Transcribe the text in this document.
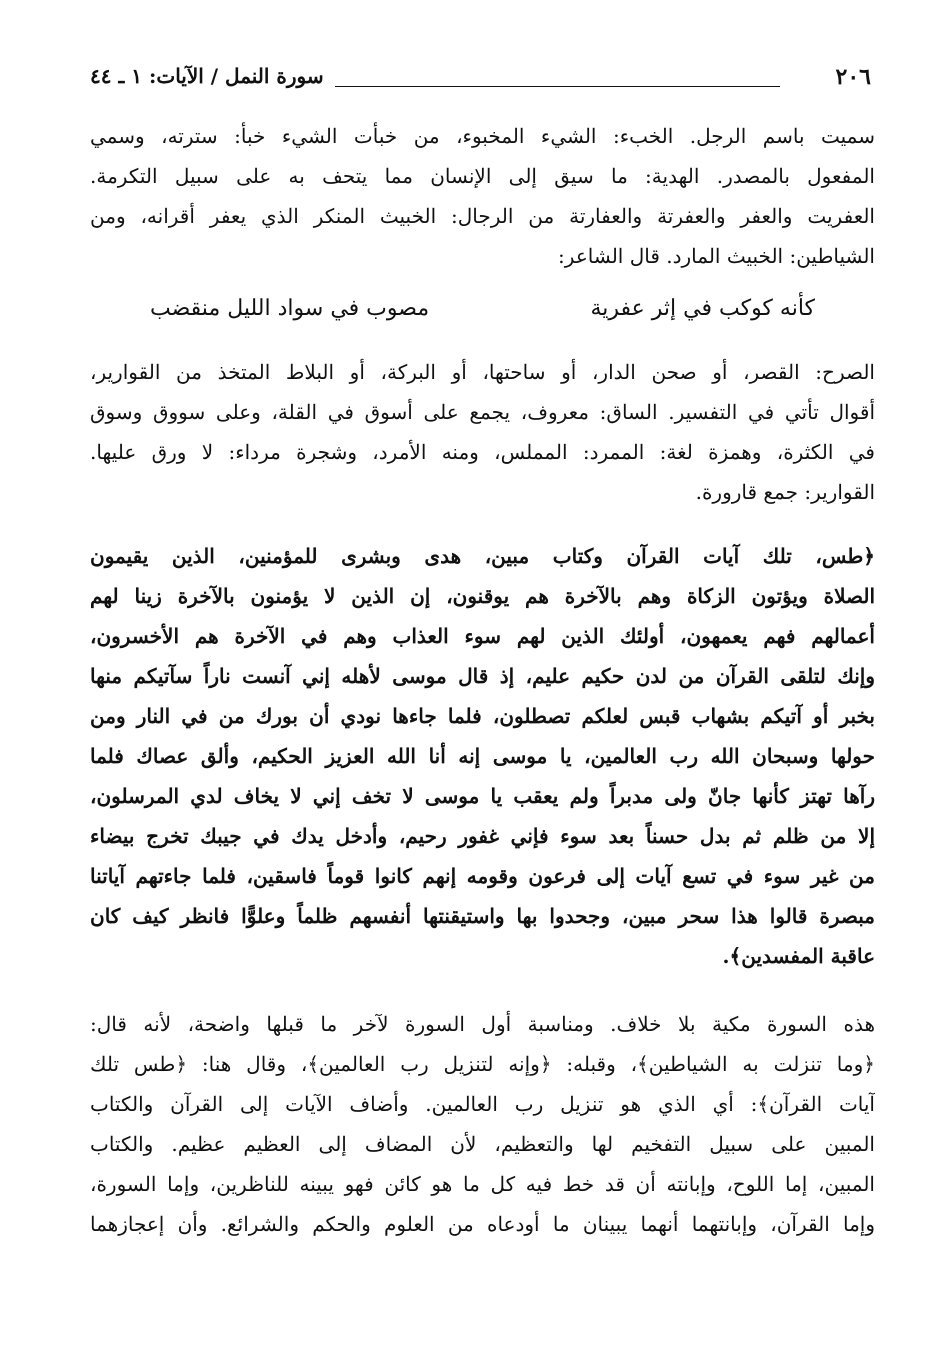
٢٠٦
سورة النمل / الآيات: ١ ـ ٤٤
سميت باسم الرجل. الخبء: الشيء المخبوء، من خبأت الشيء خبأ: سترته، وسمي
المفعول بالمصدر. الهدية: ما سيق إلى الإنسان مما يتحف به على سبيل التكرمة.
العفريت والعفر والعفرتة والعفارتة من الرجال: الخبيث المنكر الذي يعفر أقرانه، ومن
الشياطين: الخبيث المارد. قال الشاعر:
كأنه كوكب في إثر عفرية
مصوب في سواد الليل منقضب
الصرح: القصر، أو صحن الدار، أو ساحتها، أو البركة، أو البلاط المتخذ من القوارير،
أقوال تأتي في التفسير. الساق: معروف، يجمع على أسوق في القلة، وعلى سووق وسوق
في الكثرة، وهمزة لغة: الممرد: المملس، ومنه الأمرد، وشجرة مرداء: لا ورق عليها.
القوارير: جمع قارورة.
﴿طس، تلك آيات القرآن وكتاب مبين، هدى وبشرى للمؤمنين، الذين يقيمون
الصلاة ويؤتون الزكاة وهم بالآخرة هم يوقنون، إن الذين لا يؤمنون بالآخرة زينا لهم
أعمالهم فهم يعمهون، أولئك الذين لهم سوء العذاب وهم في الآخرة هم الأخسرون،
وإنك لتلقى القرآن من لدن حكيم عليم، إذ قال موسى لأهله إني آنست ناراً سآتيكم منها
بخبر أو آتيكم بشهاب قبس لعلكم تصطلون، فلما جاءها نودي أن بورك من في النار ومن
حولها وسبحان الله رب العالمين، يا موسى إنه أنا الله العزيز الحكيم، وألق عصاك فلما
رآها تهتز كأنها جانّ ولى مدبراً ولم يعقب يا موسى لا تخف إني لا يخاف لدي المرسلون،
إلا من ظلم ثم بدل حسناً بعد سوء فإني غفور رحيم، وأدخل يدك في جيبك تخرج بيضاء
من غير سوء في تسع آيات إلى فرعون وقومه إنهم كانوا قوماً فاسقين، فلما جاءتهم آياتنا
مبصرة قالوا هذا سحر مبين، وجحدوا بها واستيقنتها أنفسهم ظلماً وعلوًّا فانظر كيف كان
عاقبة المفسدين﴾.
هذه السورة مكية بلا خلاف. ومناسبة أول السورة لآخر ما قبلها واضحة، لأنه قال:
﴿وما تنزلت به الشياطين﴾، وقبله: ﴿وإنه لتنزيل رب العالمين﴾، وقال هنا: ﴿طس تلك
آيات القرآن﴾: أي الذي هو تنزيل رب العالمين. وأضاف الآيات إلى القرآن والكتاب
المبين على سبيل التفخيم لها والتعظيم، لأن المضاف إلى العظيم عظيم. والكتاب
المبين، إما اللوح، وإبانته أن قد خط فيه كل ما هو كائن فهو يبينه للناظرين، وإما السورة،
وإما القرآن، وإبانتهما أنهما يبينان ما أودعاه من العلوم والحكم والشرائع. وأن إعجازهما
